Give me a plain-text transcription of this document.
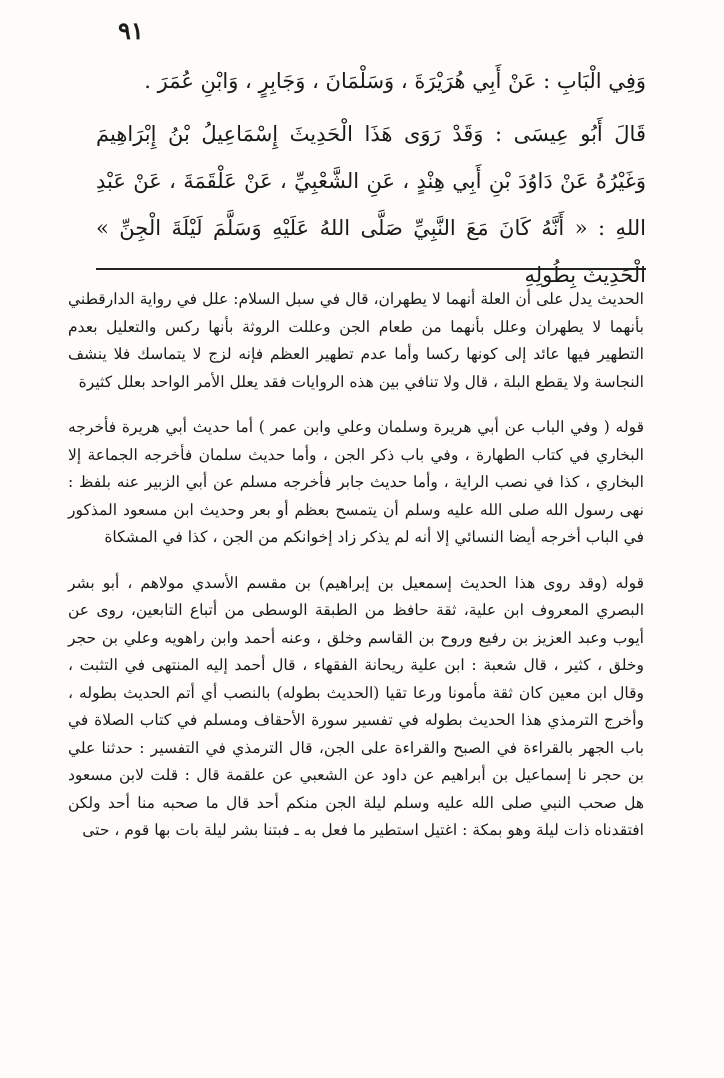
٩١

وَفِي الْبَابِ : عَنْ أَبِي هُرَيْرَةَ ، وَسَلْمَانَ ، وَجَابِرٍ ، وَابْنِ عُمَرَ .

قَالَ أَبُو عِيسَى : وَقَدْ رَوَى هَذَا الْحَدِيثَ إِسْمَاعِيلُ بْنُ إِبْرَاهِيمَ وَغَيْرُهُ عَنْ دَاوُدَ بْنِ أَبِي هِنْدٍ ، عَنِ الشَّعْبِيِّ ، عَنْ عَلْقَمَةَ ، عَنْ عَبْدِ اللهِ : « أَنَّهُ كَانَ مَعَ النَّبِيِّ صَلَّى اللهُ عَلَيْهِ وَسَلَّمَ لَيْلَةَ الْجِنِّ » الْحَدِيثَ بِطُولِهِ

الحديث يدل على أن العلة أنهما لا يطهران، قال في سبل السلام: علل في رواية الدارقطني بأنهما لا يطهران وعلل بأنهما من طعام الجن وعللت الروثة بأنها ركس والتعليل بعدم التطهير فيها عائد إلى كونها ركسا وأما عدم تطهير العظم فإنه لزج لا يتماسك فلا ينشف النجاسة ولا يقطع البلة ، قال ولا تنافي بين هذه الروايات فقد يعلل الأمر الواحد بعلل كثيرة

قوله ( وفي الباب عن أبي هريرة وسلمان وعلي وابن عمر ) أما حديث أبي هريرة فأخرجه البخاري في كتاب الطهارة ، وفي باب ذكر الجن ، وأما حديث سلمان فأخرجه الجماعة إلا البخاري ، كذا في نصب الراية ، وأما حديث جابر فأخرجه مسلم عن أبي الزبير عنه بلفظ : نهى رسول الله صلى الله عليه وسلم أن يتمسح بعظم أو بعر وحديث ابن مسعود المذكور في الباب أخرجه أيضا النسائي إلا أنه لم يذكر زاد إخوانكم من الجن ، كذا في المشكاة

قوله (وقد روى هذا الحديث إسمعيل بن إبراهيم) بن مقسم الأسدي مولاهم ، أبو بشر البصري المعروف ابن علية، ثقة حافظ من الطبقة الوسطى من أتباع التابعين، روى عن أيوب وعبد العزيز بن رفيع وروح بن القاسم وخلق ، وعنه أحمد وابن راهويه وعلي بن حجر وخلق ، كثير ، قال شعبة : ابن علية ريحانة الفقهاء ، قال أحمد إليه المنتهى في التثبت ، وقال ابن معين كان ثقة مأمونا ورعا تقيا (الحديث بطوله) بالنصب أي أتم الحديث بطوله ، وأخرج الترمذي هذا الحديث بطوله في تفسير سورة الأحقاف ومسلم في كتاب الصلاة في باب الجهر بالقراءة في الصبح والقراءة على الجن، قال الترمذي في التفسير : حدثنا علي بن حجر نا إسماعيل بن أبراهيم عن داود عن الشعبي عن علقمة قال : قلت لابن مسعود هل صحب النبي صلى الله عليه وسلم ليلة الجن منكم أحد قال ما صحبه منا أحد ولكن افتقدناه ذات ليلة وهو بمكة : اغتيل استطير ما فعل به ـ فبتنا بشر ليلة بات بها قوم ، حتى
